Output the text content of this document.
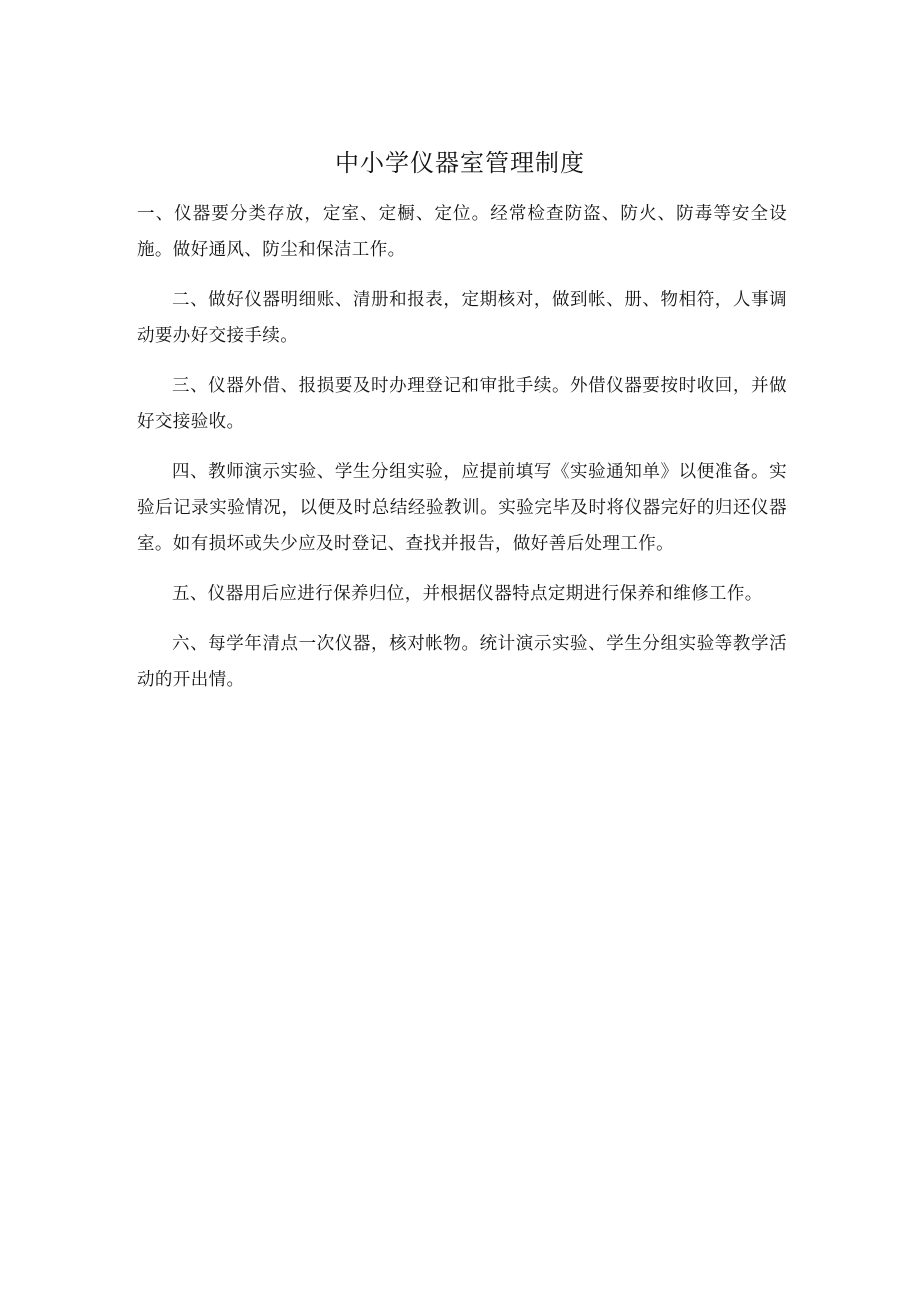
中小学仪器室管理制度

一、仪器要分类存放，定室、定橱、定位。经常检查防盗、防火、防毒等安全设施。做好通风、防尘和保洁工作。

二、做好仪器明细账、清册和报表，定期核对，做到帐、册、物相符，人事调动要办好交接手续。

三、仪器外借、报损要及时办理登记和审批手续。外借仪器要按时收回，并做好交接验收。

四、教师演示实验、学生分组实验，应提前填写《实验通知单》以便准备。实验后记录实验情况，以便及时总结经验教训。实验完毕及时将仪器完好的归还仪器室。如有损坏或失少应及时登记、查找并报告，做好善后处理工作。

五、仪器用后应进行保养归位，并根据仪器特点定期进行保养和维修工作。

六、每学年清点一次仪器，核对帐物。统计演示实验、学生分组实验等教学活动的开出情。
